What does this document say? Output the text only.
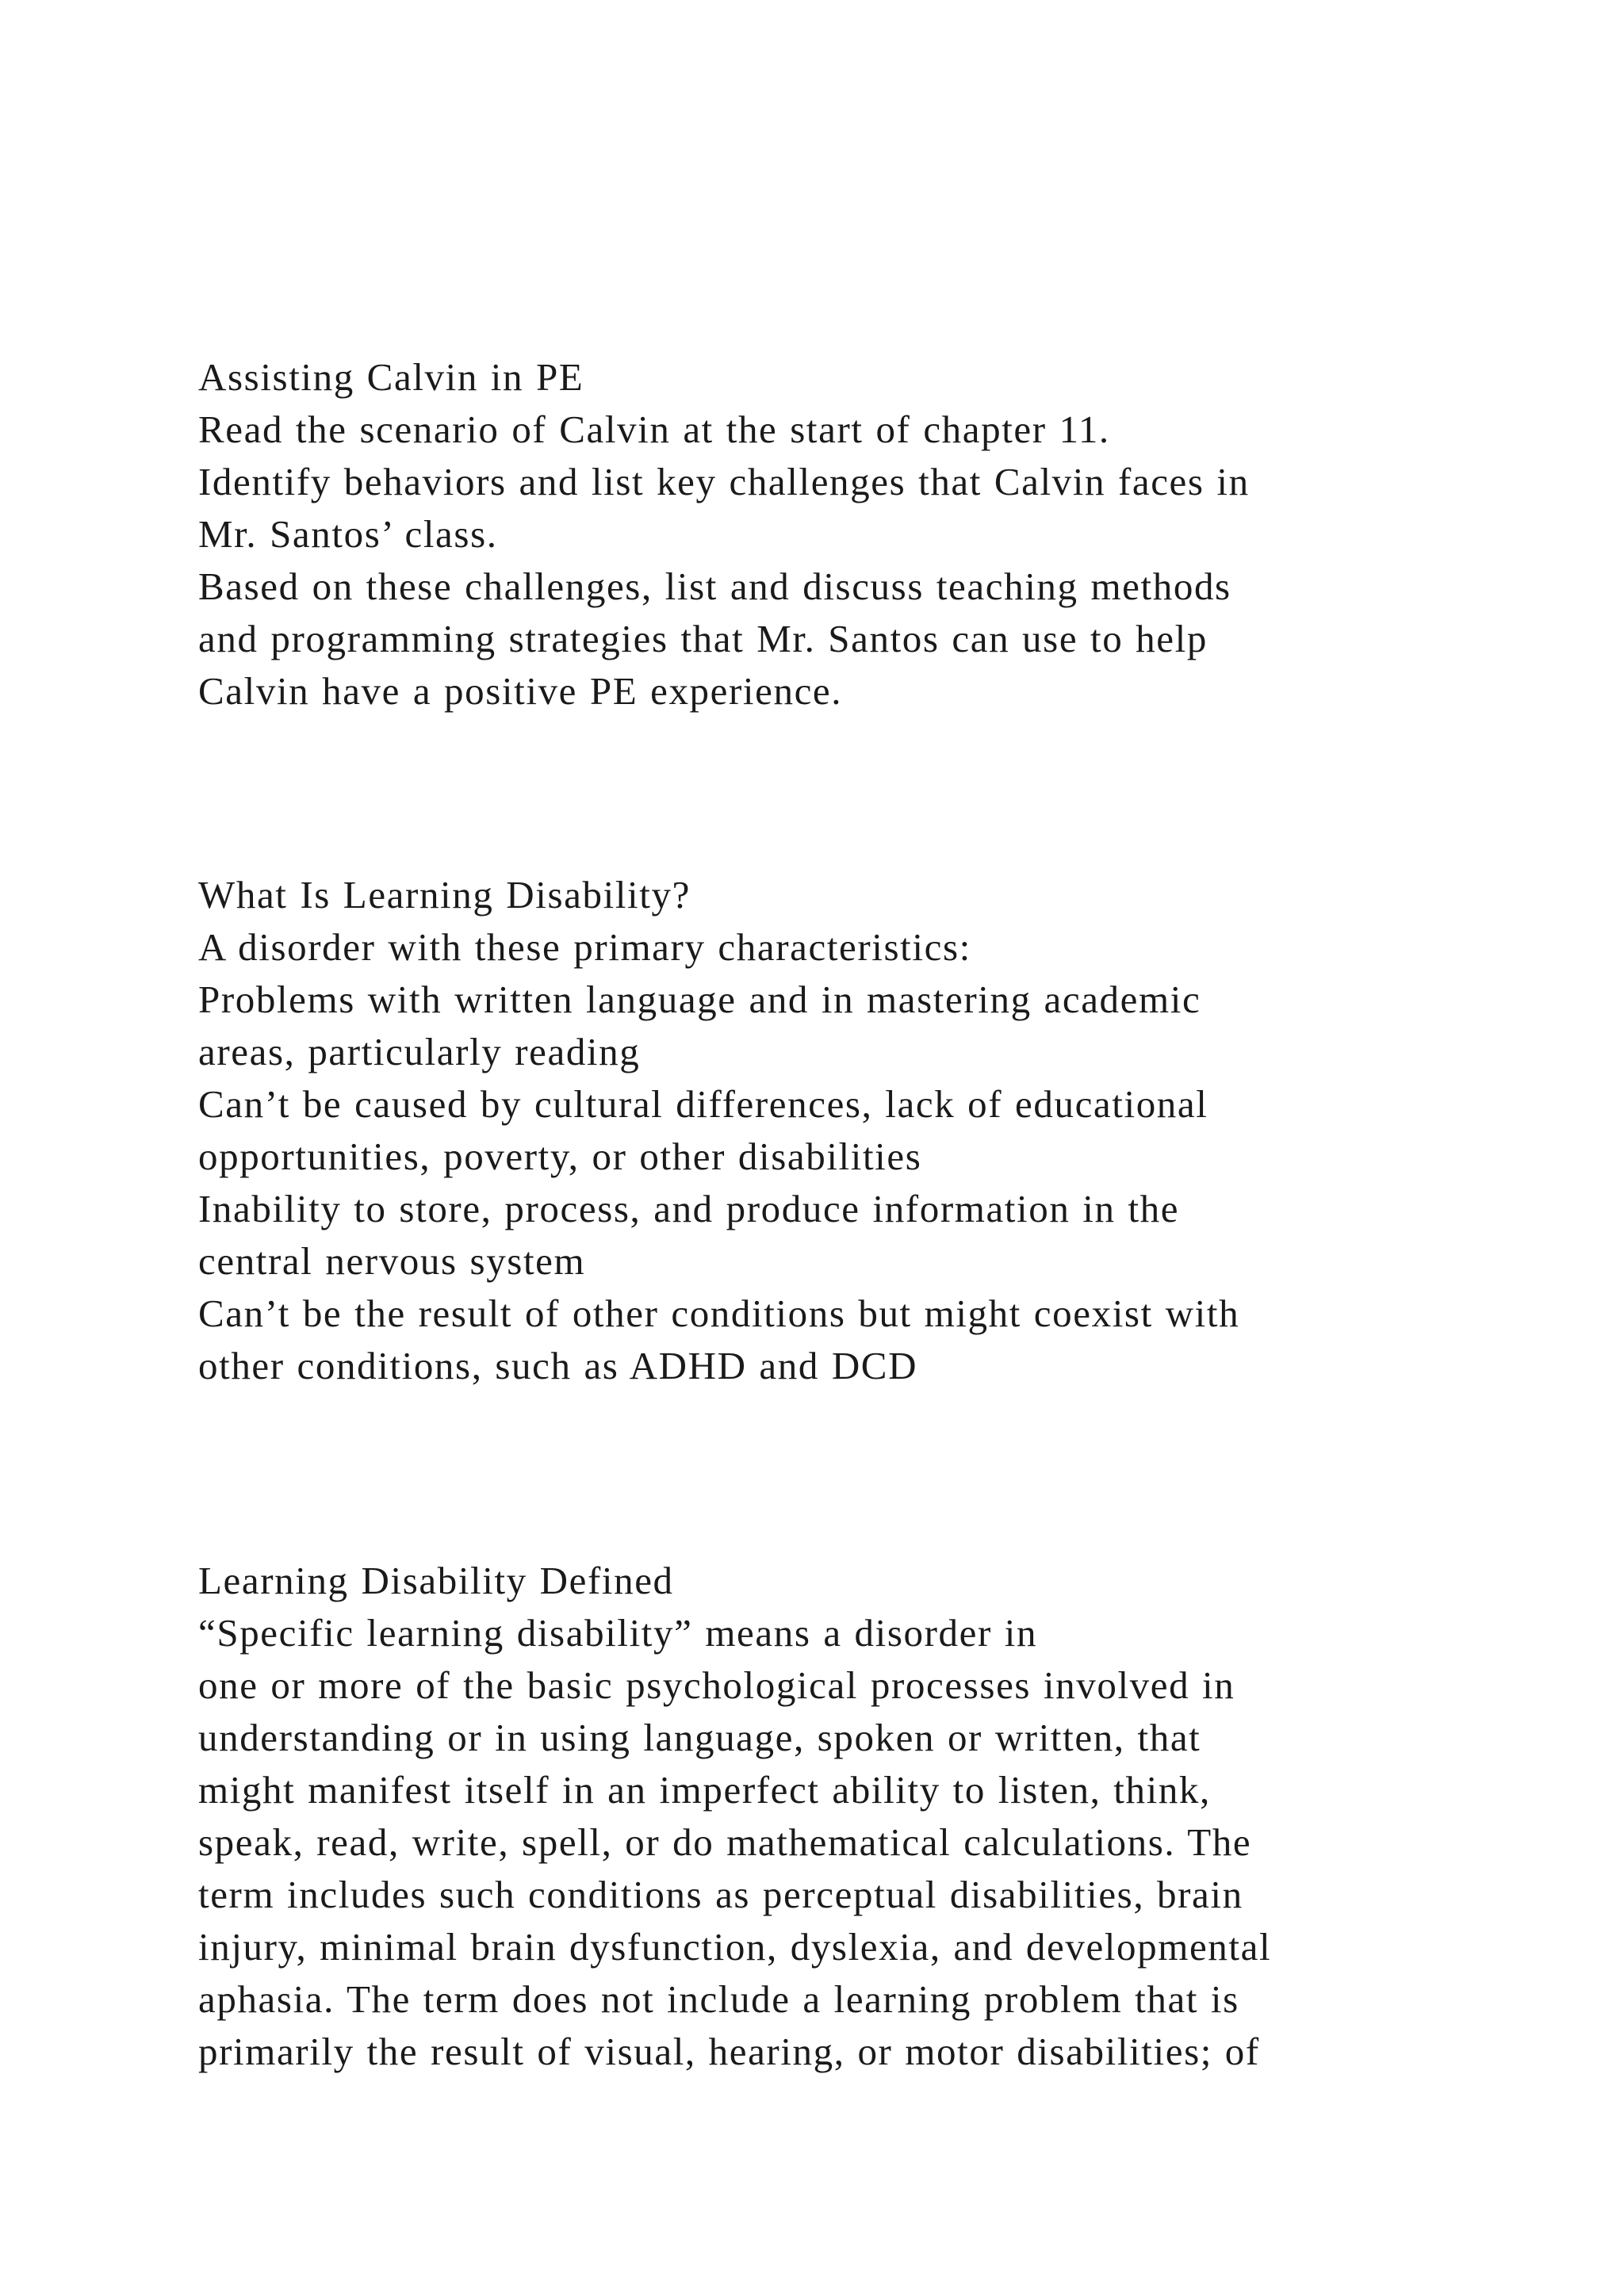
Assisting Calvin in PE
Read the scenario of Calvin at the start of chapter 11.
Identify behaviors and list key challenges that Calvin faces in
Mr. Santos’ class.
Based on these challenges, list and discuss teaching methods
and programming strategies that Mr. Santos can use to help
Calvin have a positive PE experience.
What Is Learning Disability?
A disorder with these primary characteristics:
Problems with written language and in mastering academic
areas, particularly reading
Can’t be caused by cultural differences, lack of educational
opportunities, poverty, or other disabilities
Inability to store, process, and produce information in the
central nervous system
Can’t be the result of other conditions but might coexist with
other conditions, such as ADHD and DCD
Learning Disability Defined
“Specific learning disability” means a disorder in
one or more of the basic psychological processes involved in
understanding or in using language, spoken or written, that
might manifest itself in an imperfect ability to listen, think,
speak, read, write, spell, or do mathematical calculations. The
term includes such conditions as perceptual disabilities, brain
injury, minimal brain dysfunction, dyslexia, and developmental
aphasia. The term does not include a learning problem that is
primarily the result of visual, hearing, or motor disabilities; of
